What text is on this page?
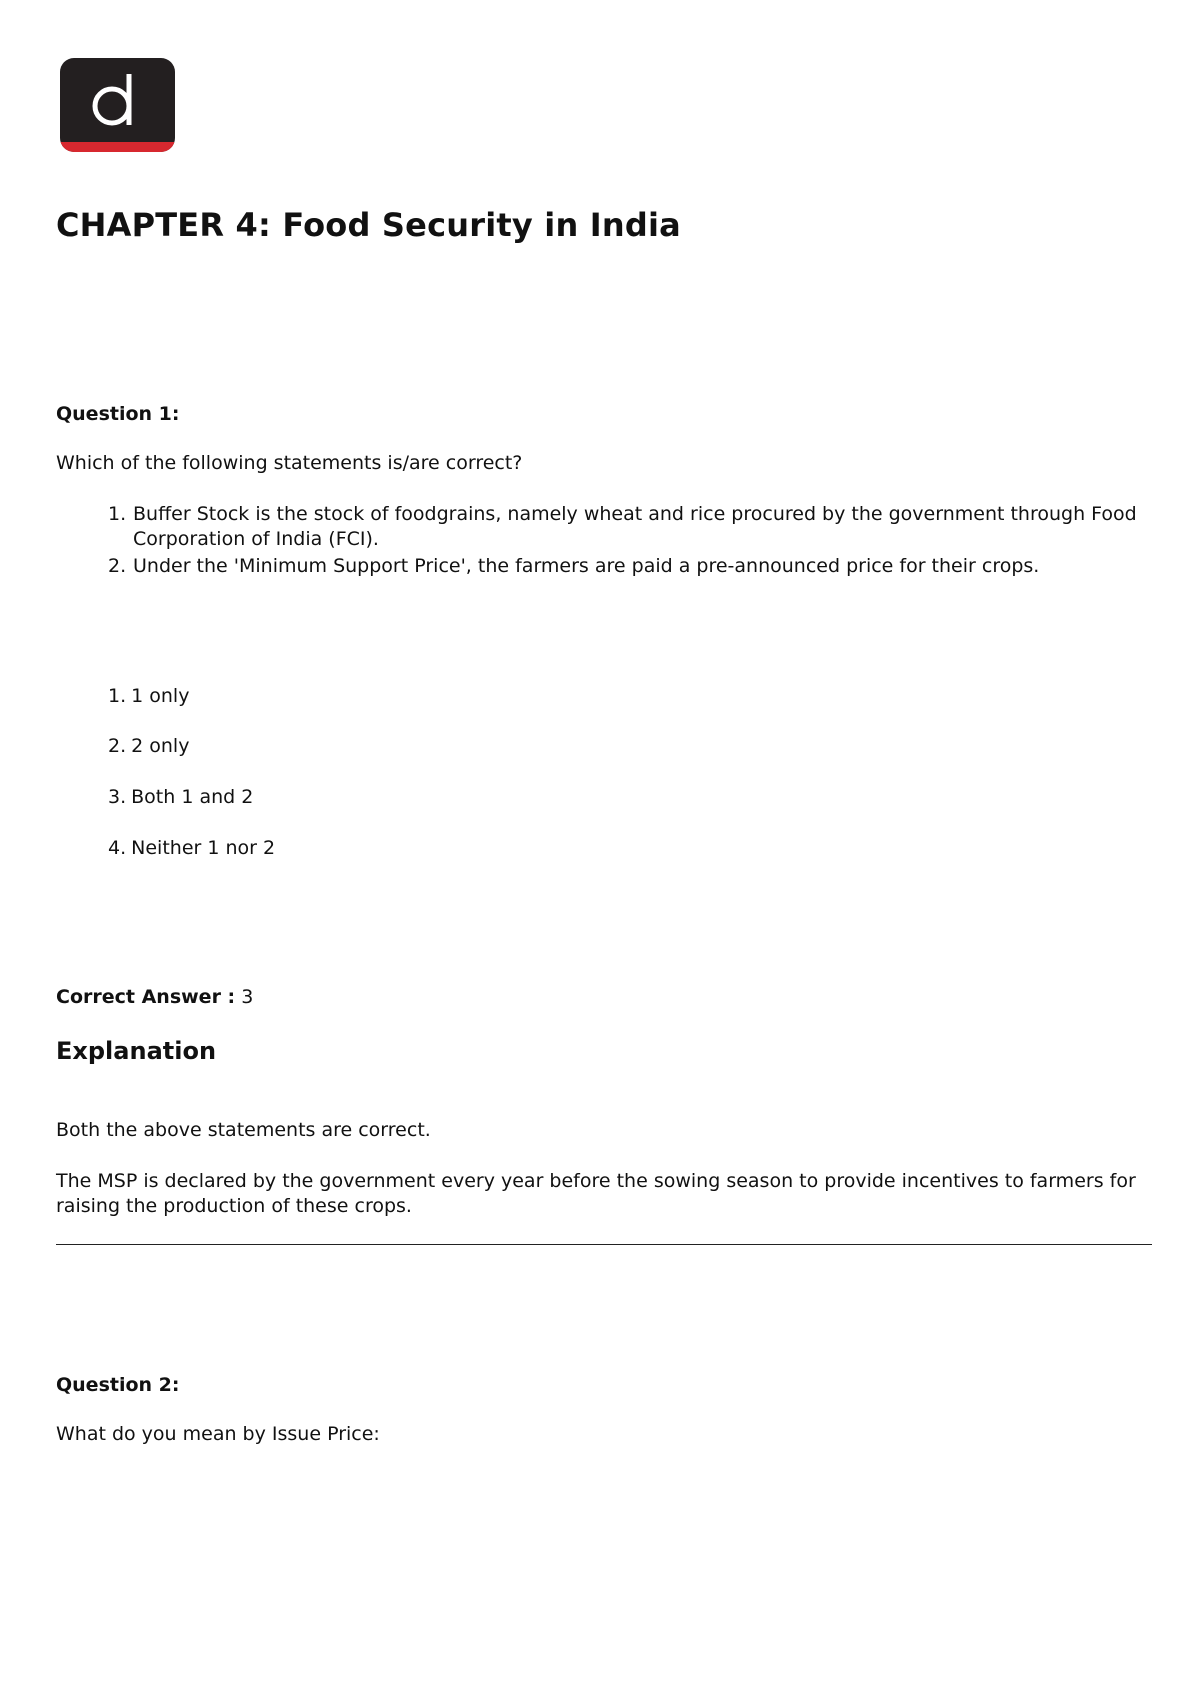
CHAPTER 4: Food Security in India

Question 1:

Which of the following statements is/are correct?

1. Buffer Stock is the stock of foodgrains, namely wheat and rice procured by the government through Food Corporation of India (FCI).
2. Under the 'Minimum Support Price', the farmers are paid a pre-announced price for their crops.

1. 1 only

2. 2 only

3. Both 1 and 2

4. Neither 1 nor 2

Correct Answer : 3

Explanation

Both the above statements are correct.

The MSP is declared by the government every year before the sowing season to provide incentives to farmers for raising the production of these crops.

Question 2:

What do you mean by Issue Price:
